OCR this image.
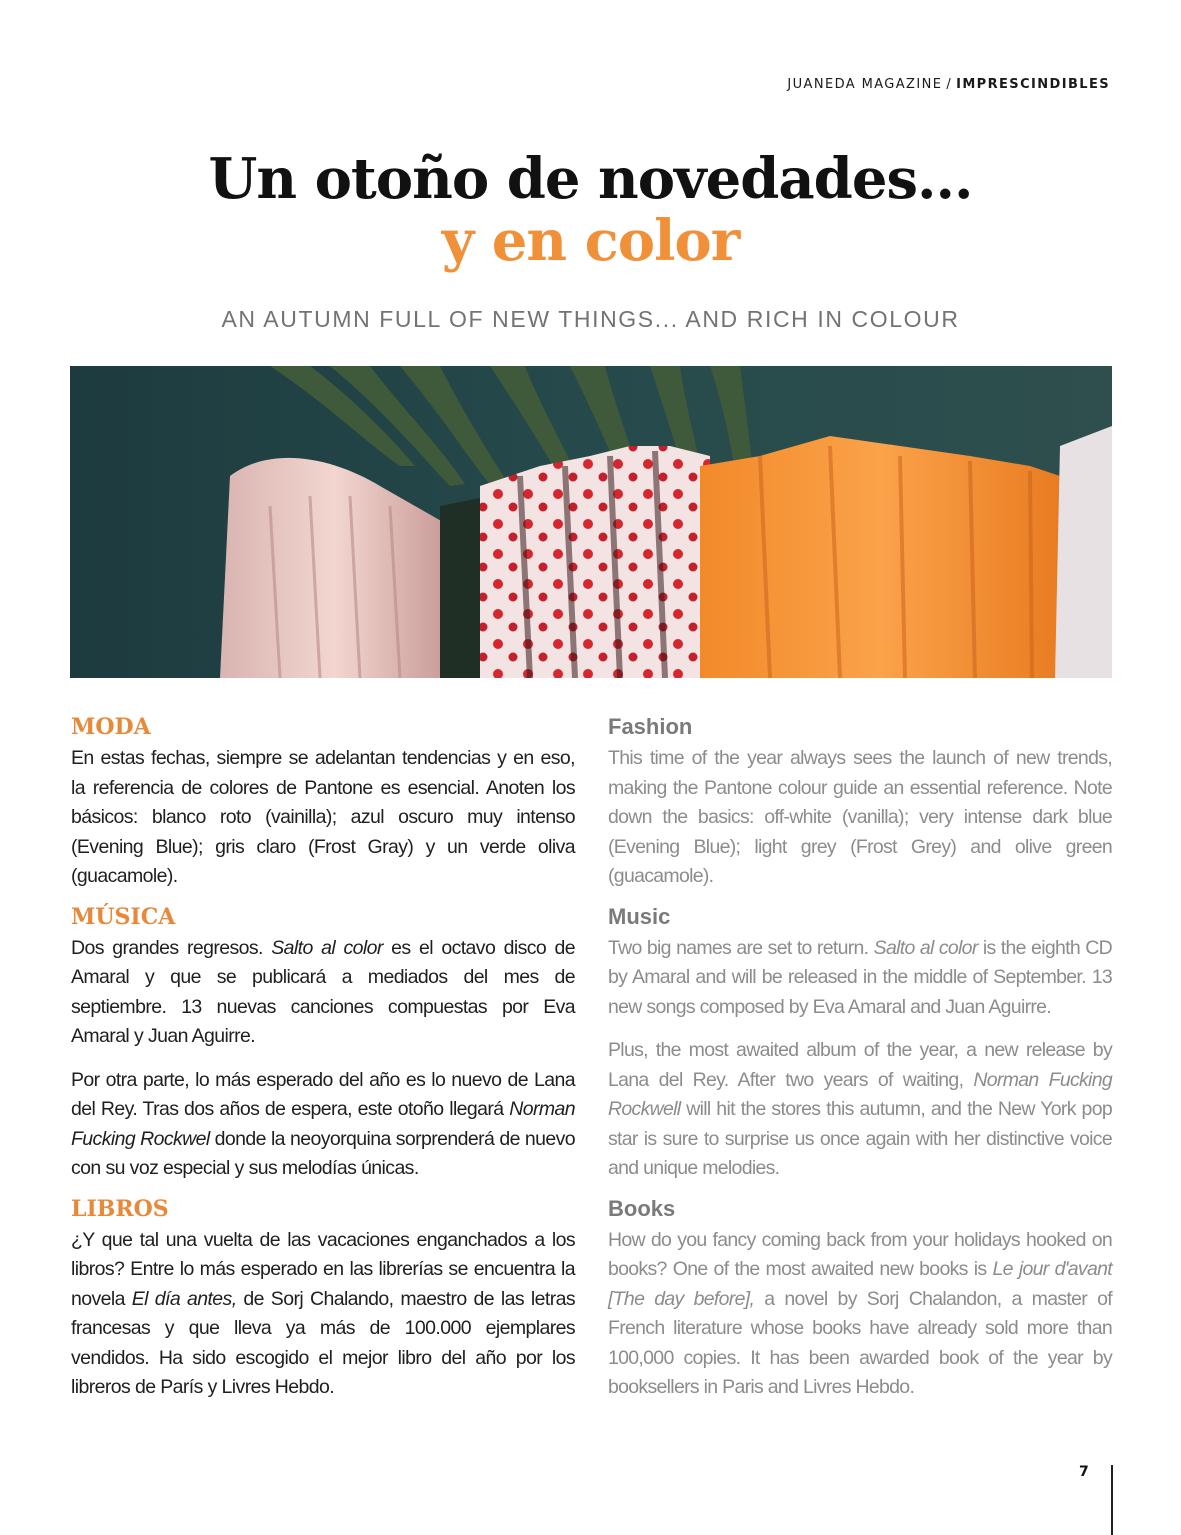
JUANEDA MAGAZINE / IMPRESCINDIBLES
Un otoño de novedades...
y en color
AN AUTUMN FULL OF NEW THINGS... AND RICH IN COLOUR
MODA

En estas fechas, siempre se adelantan tendencias y en eso, la referencia de colores de Pantone es esencial. Anoten los básicos: blanco roto (vainilla); azul oscuro muy intenso (Evening Blue); gris claro (Frost Gray) y un verde oliva (guacamole).

MÚSICA

Dos grandes regresos. Salto al color es el octavo disco de Amaral y que se publicará a mediados del mes de septiembre. 13 nuevas canciones compuestas por Eva Amaral y Juan Aguirre.

Por otra parte, lo más esperado del año es lo nuevo de Lana del Rey. Tras dos años de espera, este otoño llegará Norman Fucking Rockwel donde la neoyorquina sorprenderá de nuevo con su voz especial y sus melodías únicas.

LIBROS

¿Y que tal una vuelta de las vacaciones enganchados a los libros? Entre lo más esperado en las librerías se encuentra la novela El día antes, de Sorj Chalando, maestro de las letras francesas y que lleva ya más de 100.000 ejemplares vendidos. Ha sido escogido el mejor libro del año por los libreros de París y Livres Hebdo.

Fashion

This time of the year always sees the launch of new trends, making the Pantone colour guide an essential reference. Note down the basics: off-white (vanilla); very intense dark blue (Evening Blue); light grey (Frost Grey) and olive green (guacamole).

Music

Two big names are set to return. Salto al color is the eighth CD by Amaral and will be released in the middle of September. 13 new songs composed by Eva Amaral and Juan Aguirre.

Plus, the most awaited album of the year, a new release by Lana del Rey. After two years of waiting, Norman Fucking Rockwell will hit the stores this autumn, and the New York pop star is sure to surprise us once again with her distinctive voice and unique melodies.

Books

How do you fancy coming back from your holidays hooked on books? One of the most awaited new books is Le jour d'avant [The day before], a novel by Sorj Chalandon, a master of French literature whose books have already sold more than 100,000 copies. It has been awarded book of the year by booksellers in Paris and Livres Hebdo.

7
